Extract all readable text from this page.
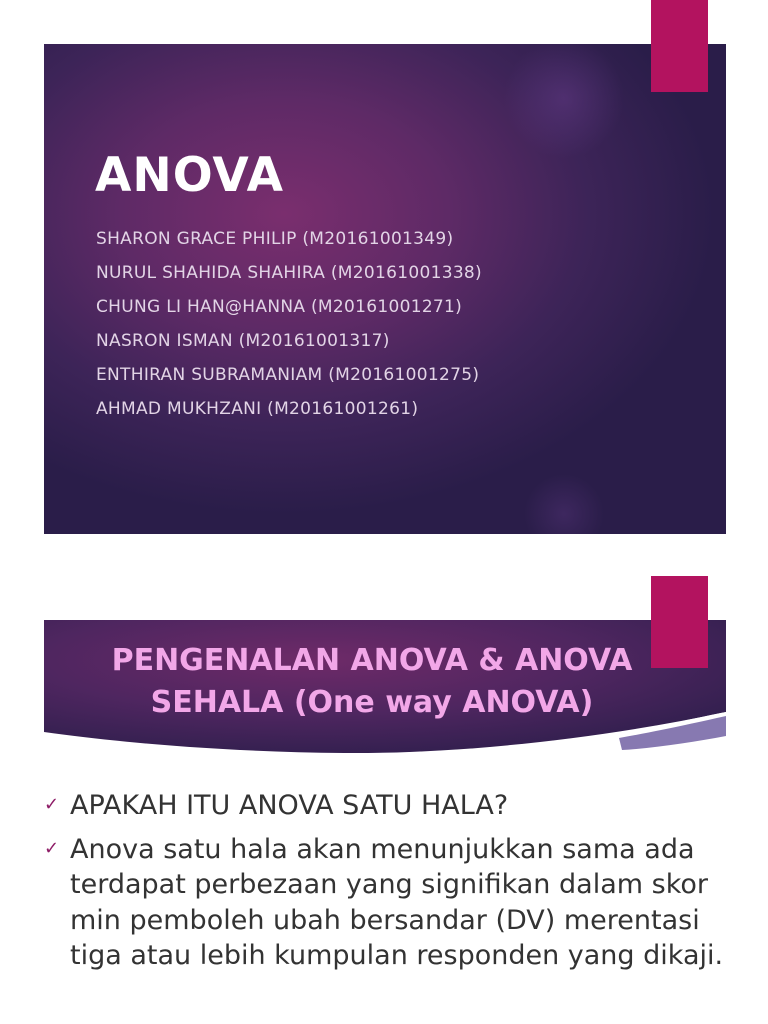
ANOVA
SHARON GRACE PHILIP (M20161001349)
NURUL SHAHIDA SHAHIRA (M20161001338)
CHUNG LI HAN@HANNA (M20161001271)
NASRON ISMAN (M20161001317)
ENTHIRAN SUBRAMANIAM (M20161001275)
AHMAD MUKHZANI (M20161001261)
PENGENALAN ANOVA & ANOVA
SEHALA (One way ANOVA)
✓ APAKAH ITU ANOVA SATU HALA?
✓ Anova satu hala akan menunjukkan sama ada terdapat perbezaan yang signifikan dalam skor min pemboleh ubah bersandar (DV) merentasi tiga atau lebih kumpulan responden yang dikaji.
